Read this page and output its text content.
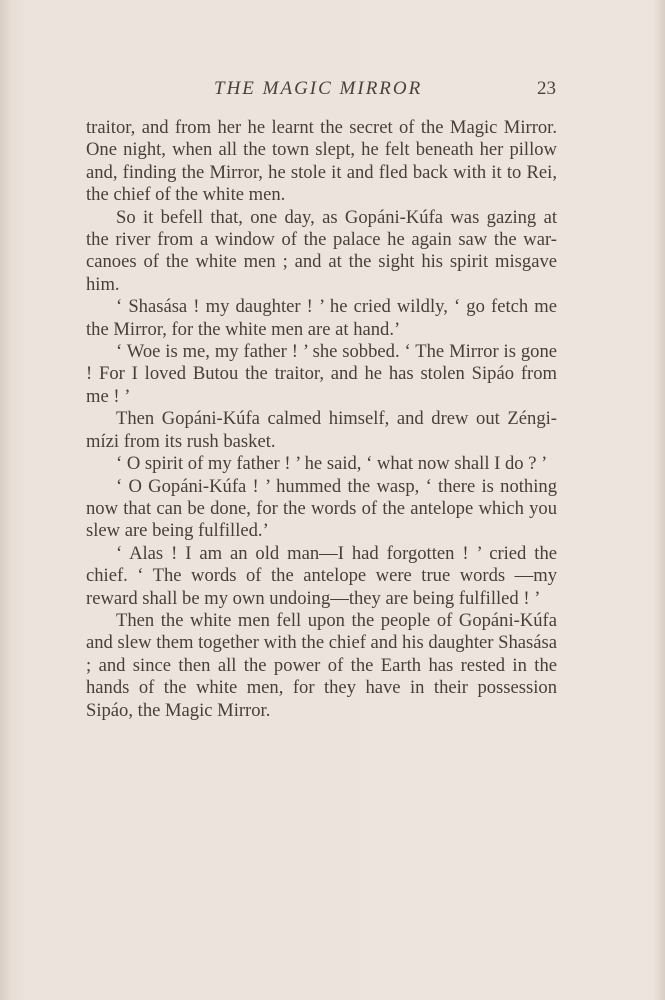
THE MAGIC MIRROR	23

traitor, and from her he learnt the secret of the Magic Mirror. One night, when all the town slept, he felt beneath her pillow and, finding the Mirror, he stole it and fled back with it to Rei, the chief of the white men.

So it befell that, one day, as Gopáni-Kúfa was gazing at the river from a window of the palace he again saw the war-canoes of the white men ; and at the sight his spirit misgave him.

‘ Shasása ! my daughter ! ’ he cried wildly, ‘ go fetch me the Mirror, for the white men are at hand.’

‘ Woe is me, my father ! ’ she sobbed. ‘ The Mirror is gone ! For I loved Butou the traitor, and he has stolen Sipáo from me ! ’

Then Gopáni-Kúfa calmed himself, and drew out Zéngi-mízi from its rush basket.

‘ O spirit of my father ! ’ he said, ‘ what now shall I do ? ’

‘ O Gopáni-Kúfa ! ’ hummed the wasp, ‘ there is nothing now that can be done, for the words of the antelope which you slew are being fulfilled.’

‘ Alas ! I am an old man—I had forgotten ! ’ cried the chief. ‘ The words of the antelope were true words —my reward shall be my own undoing—they are being fulfilled ! ’

Then the white men fell upon the people of Gopáni-Kúfa and slew them together with the chief and his daughter Shasása ; and since then all the power of the Earth has rested in the hands of the white men, for they have in their possession Sipáo, the Magic Mirror.
